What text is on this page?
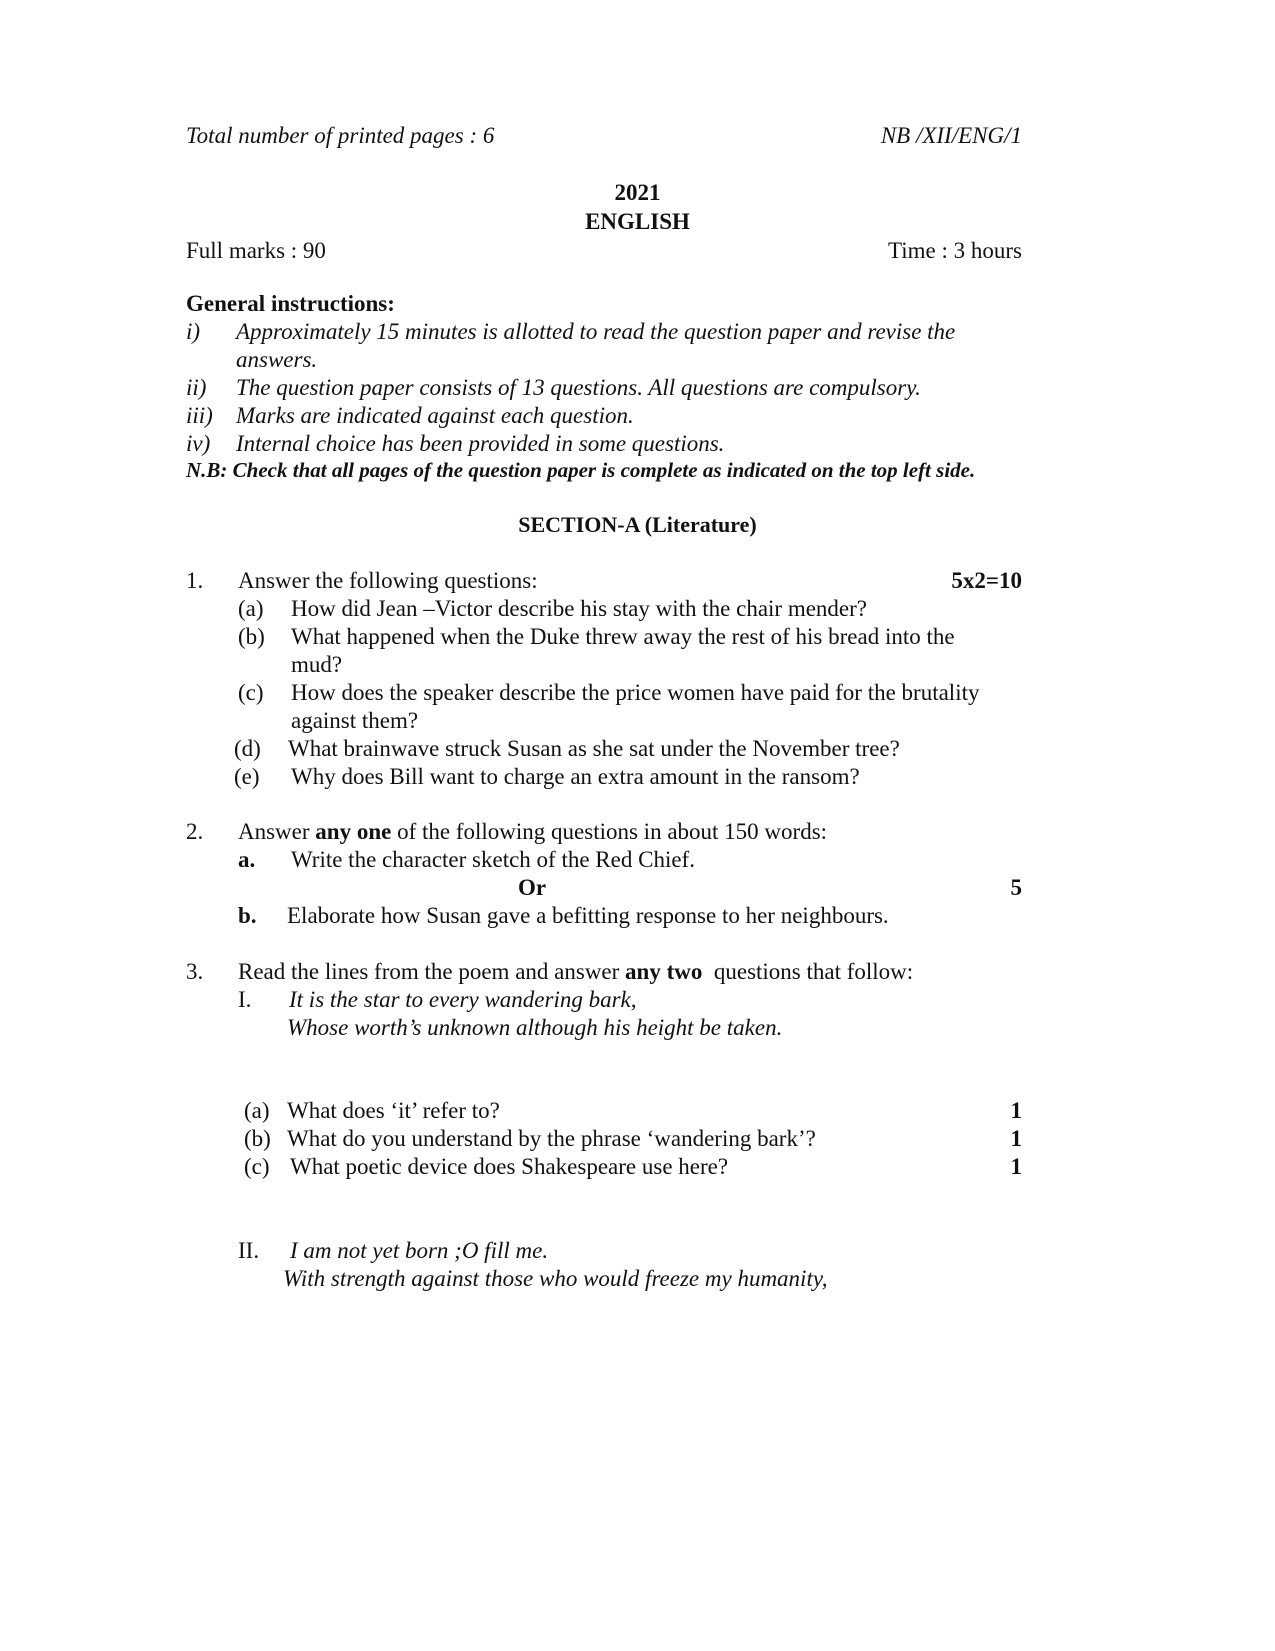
Total number of printed pages : 6	NB /XII/ENG/1
2021
ENGLISH
Full marks : 90	Time : 3 hours
General instructions:
i) Approximately 15 minutes is allotted to read the question paper and revise the
answers.
ii) The question paper consists of 13 questions. All questions are compulsory.
iii) Marks are indicated against each question.
iv) Internal choice has been provided in some questions.
N.B: Check that all pages of the question paper is complete as indicated on the top left side.
SECTION-A (Literature)
1. Answer the following questions:	5x2=10
(a) How did Jean –Victor describe his stay with the chair mender?
(b) What happened when the Duke threw away the rest of his bread into the
mud?
(c) How does the speaker describe the price women have paid for the brutality
against them?
(d) What brainwave struck Susan as she sat under the November tree?
(e) Why does Bill want to charge an extra amount in the ransom?
2. Answer any one of the following questions in about 150 words:
a. Write the character sketch of the Red Chief.
Or	5
b. Elaborate how Susan gave a befitting response to her neighbours.
3. Read the lines from the poem and answer any two  questions that follow:
I. It is the star to every wandering bark,
Whose worth’s unknown although his height be taken.
(a) What does ‘it’ refer to?	1
(b) What do you understand by the phrase ‘wandering bark’?	1
(c) What poetic device does Shakespeare use here?	1
II. I am not yet born ;O fill me.
With strength against those who would freeze my humanity,
